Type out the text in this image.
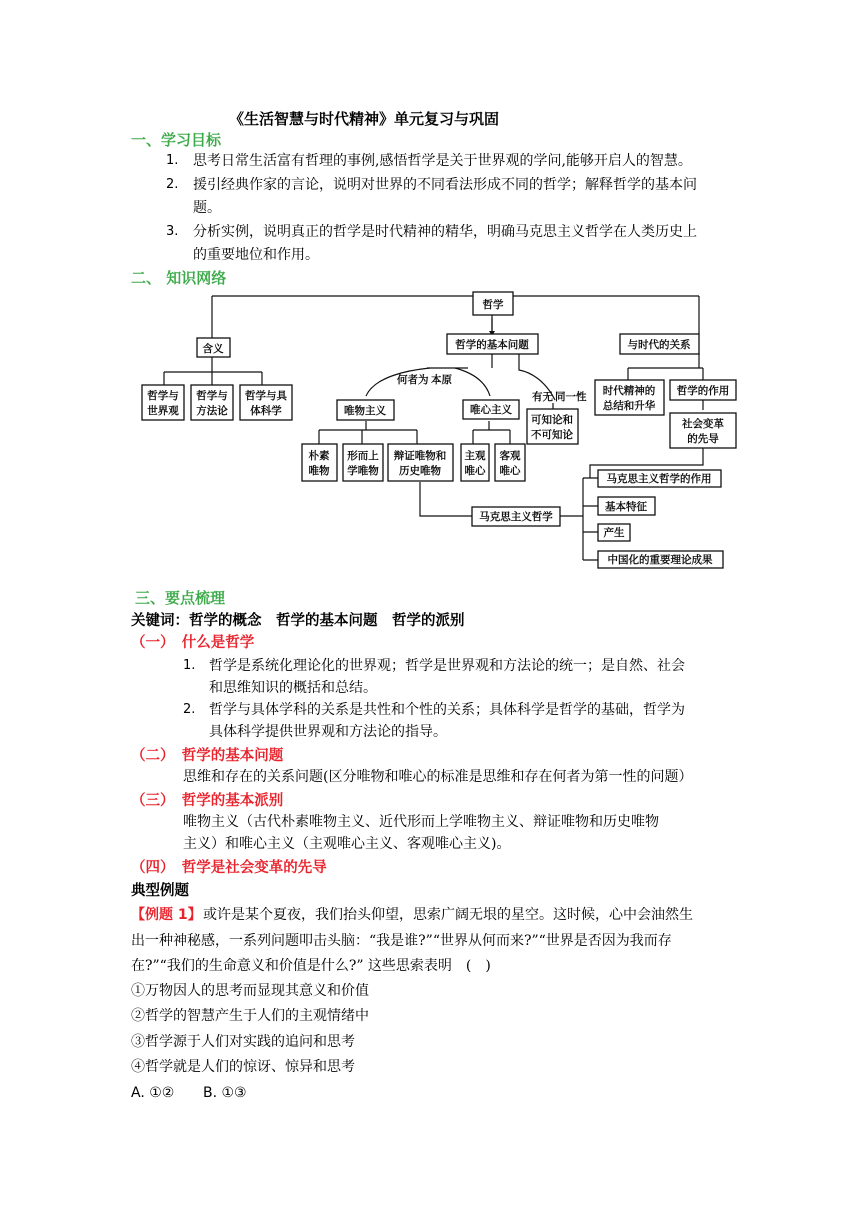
《生活智慧与时代精神》单元复习与巩固
一、学习目标
1. 思考日常生活富有哲理的事例,感悟哲学是关于世界观的学问,能够开启人的智慧。
2. 援引经典作家的言论，说明对世界的不同看法形成不同的哲学；解释哲学的基本问
题。
3. 分析实例，说明真正的哲学是时代精神的精华，明确马克思主义哲学在人类历史上
的重要地位和作用。
二、 知识网络
哲学
含义	哲学的基本问题	与时代的关系
哲学与
世界观
哲学与
方法论
哲学与具
体科学
何者为 本原
有无 同一性
唯物主义	唯心主义
可知论和
不可知论
时代精神的
总结和升华
哲学的作用
社会变革
的先导
朴素
唯物
形而上
学唯物
辩证唯物和
历史唯物
主观
唯心
客观
唯心
马克思主义哲学
马克思主义哲学的作用
基本特征
产生
中国化的重要理论成果
三、要点梳理
关键词：哲学的概念　哲学的基本问题　哲学的派别
（一）　什么是哲学
1. 哲学是系统化理论化的世界观；哲学是世界观和方法论的统一；是自然、社会
和思维知识的概括和总结。
2. 哲学与具体学科的关系是共性和个性的关系；具体科学是哲学的基础，哲学为
具体科学提供世界观和方法论的指导。
（二）　哲学的基本问题
思维和存在的关系问题(区分唯物和唯心的标准是思维和存在何者为第一性的问题）
（三）　哲学的基本派别
唯物主义（古代朴素唯物主义、近代形而上学唯物主义、辩证唯物和历史唯物
主义）和唯心主义（主观唯心主义、客观唯心主义)。
（四）　哲学是社会变革的先导
典型例题
【例题 1】 或许是某个夏夜，我们抬头仰望，思索广阔无垠的星空。这时候，心中会油然生
出一种神秘感，一系列问题叩击头脑：“我是谁?”“世界从何而来?”“世界是否因为我而存
在?”“我们的生命意义和价值是什么?” 这些思索表明　(　)
①万物因人的思考而显现其意义和价值
②哲学的智慧产生于人们的主观情绪中
③哲学源于人们对实践的追问和思考
④哲学就是人们的惊讶、惊异和思考
A. ①② B. ①③
